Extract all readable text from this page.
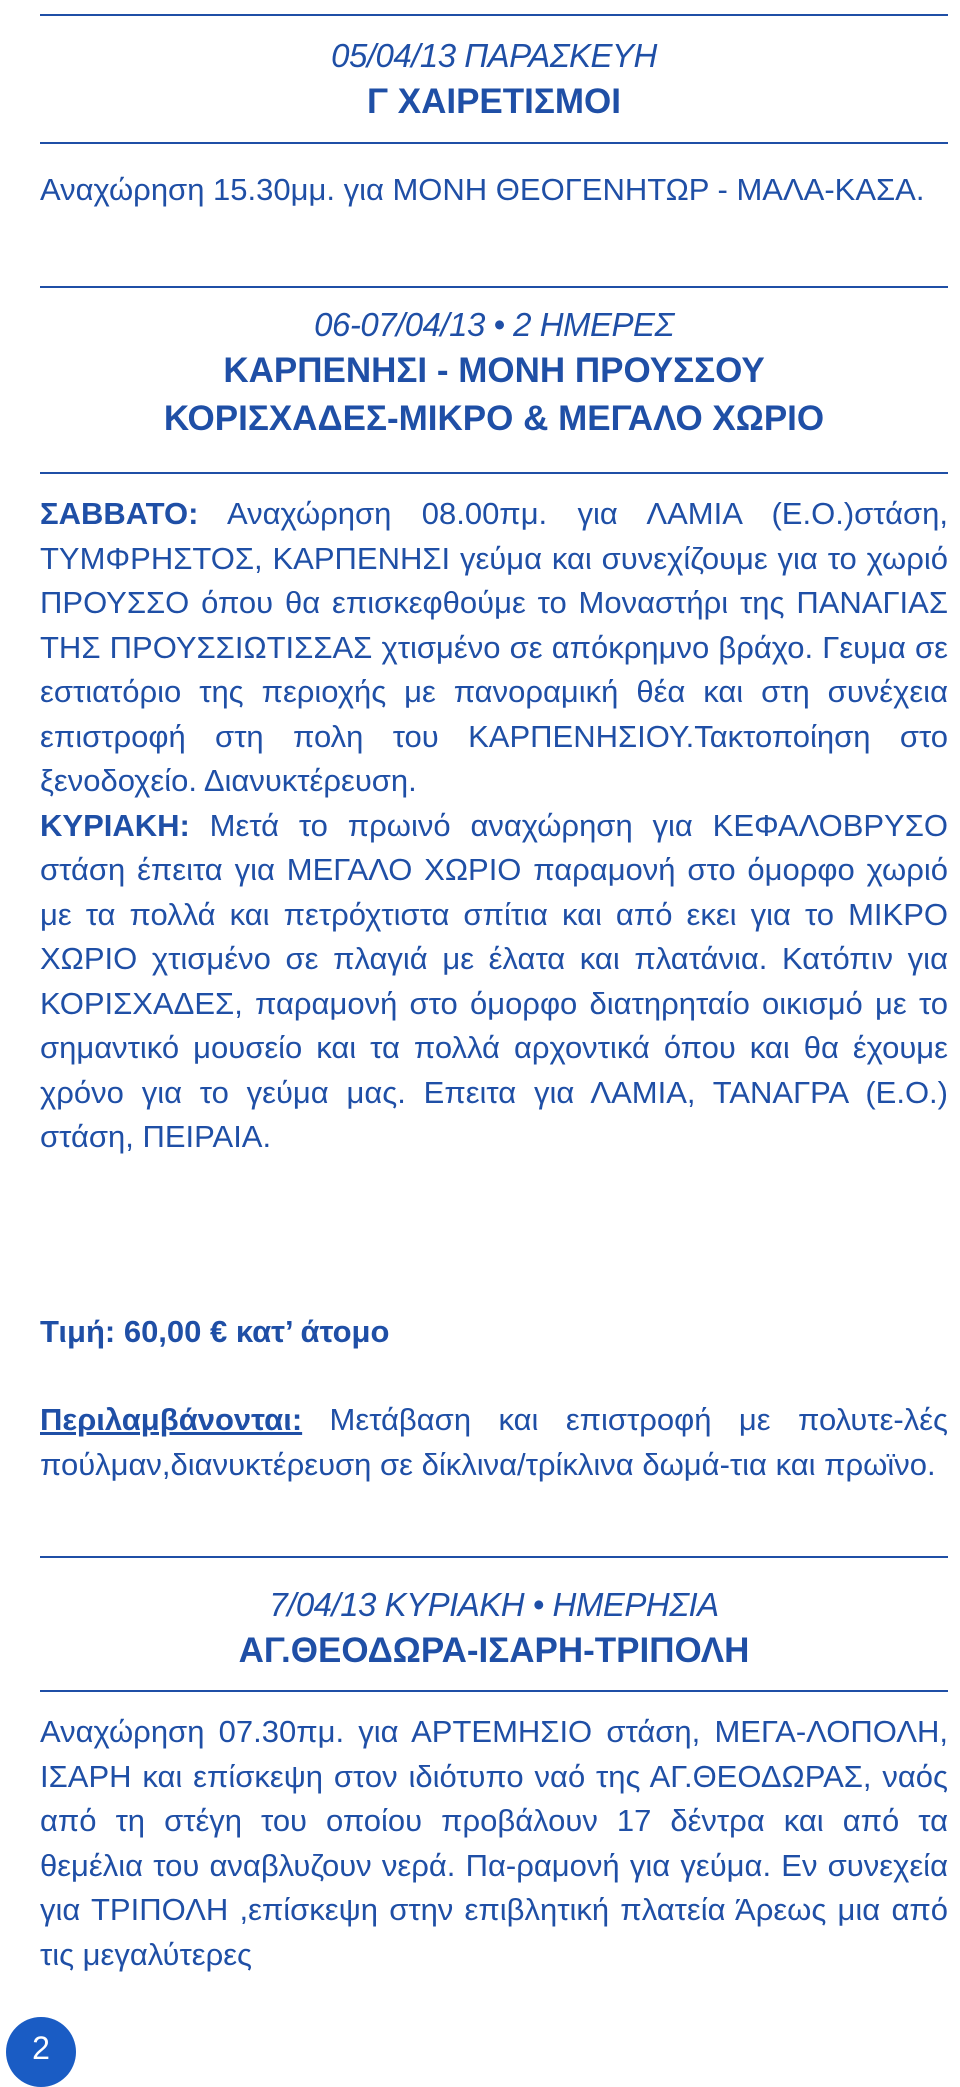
05/04/13 ΠΑΡΑΣΚΕΥΗ
Γ ΧΑΙΡΕΤΙΣΜΟΙ

Αναχώρηση 15.30μμ. για ΜΟΝΗ ΘΕΟΓΕΝΗΤΩΡ - ΜΑΛΑ-ΚΑΣΑ.

06-07/04/13 • 2 ΗΜΕΡΕΣ
ΚΑΡΠΕΝΗΣΙ - ΜΟΝΗ ΠΡΟΥΣΣΟΥ
ΚΟΡΙΣΧΑΔΕΣ-ΜΙΚΡΟ & ΜΕΓΑΛΟ ΧΩΡΙΟ

ΣΑΒΒΑΤΟ: Αναχώρηση 08.00πμ. για ΛΑΜΙΑ (Ε.Ο.)στάση, ΤΥΜΦΡΗΣΤΟΣ, ΚΑΡΠΕΝΗΣΙ γεύμα και συνεχίζουμε για το χωριό ΠΡΟΥΣΣΟ όπου θα επισκεφθούμε το Μοναστήρι της ΠΑΝΑΓΙΑΣ ΤΗΣ ΠΡΟΥΣΣΙΩΤΙΣΣΑΣ χτισμένο σε απόκρημνο βράχο. Γευμα σε εστιατόριο της περιοχής με πανοραμική θέα και στη συνέχεια επιστροφή στη πολη του ΚΑΡΠΕΝΗΣΙΟΥ.Τακτοποίηση στο ξενοδοχείο. Διανυκτέρευση.

ΚΥΡΙΑΚΗ: Μετά το πρωινό αναχώρηση για ΚΕΦΑΛΟΒΡΥΣΟ στάση έπειτα για ΜΕΓΑΛΟ ΧΩΡΙΟ παραμονή στο όμορφο χωριό με τα πολλά και πετρόχτιστα σπίτια και από εκει για το ΜΙΚΡΟ ΧΩΡΙΟ χτισμένο σε πλαγιά με έλατα και πλατάνια. Κατόπιν για ΚΟΡΙΣΧΑΔΕΣ, παραμονή στο όμορφο διατηρηταίο οικισμό με το σημαντικό μουσείο και τα πολλά αρχοντικά όπου και θα έχουμε χρόνο για το γεύμα μας. Επειτα για ΛΑΜΙΑ, ΤΑΝΑΓΡΑ (Ε.Ο.) στάση, ΠΕΙΡΑΙΑ.

Τιμή: 60,00 € κατ’ άτομο

Περιλαμβάνονται: Μετάβαση και επιστροφή με πολυτε-λές πούλμαν,διανυκτέρευση σε δίκλινα/τρίκλινα δωμά-τια και πρωϊνο.

7/04/13 ΚΥΡΙΑΚΗ • ΗΜΕΡΗΣΙΑ
ΑΓ.ΘΕΟΔΩΡΑ-ΙΣΑΡΗ-ΤΡΙΠΟΛΗ

Αναχώρηση 07.30πμ. για ΑΡΤΕΜΗΣΙΟ στάση, ΜΕΓΑ-ΛΟΠΟΛΗ, ΙΣΑΡΗ και επίσκεψη στον ιδιότυπο ναό της ΑΓ.ΘΕΟΔΩΡΑΣ, ναός από τη στέγη του οποίου προβάλουν 17 δέντρα και από τα θεμέλια του αναβλυζουν νερά. Πα-ραμονή για γεύμα. Εν συνεχεία για ΤΡΙΠΟΛΗ ,επίσκεψη στην επιβλητική πλατεία Άρεως μια από τις μεγαλύτερες

2
